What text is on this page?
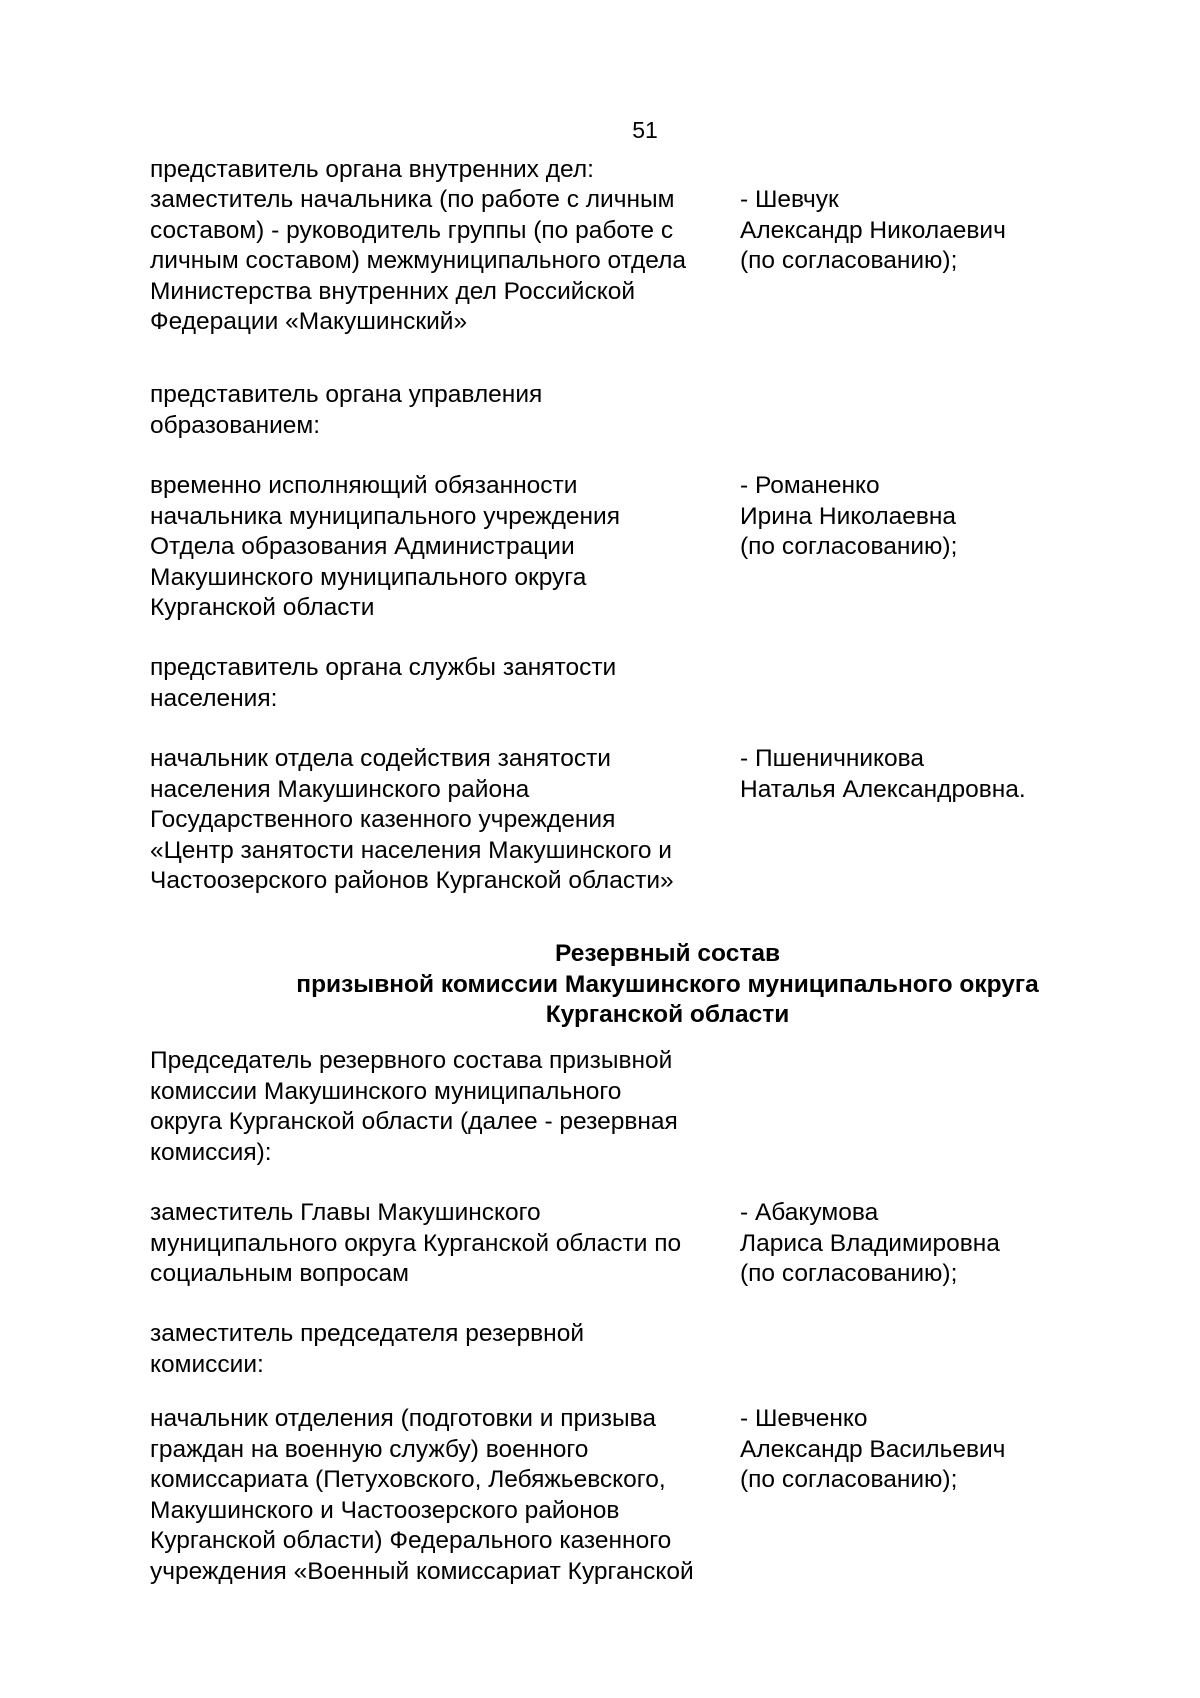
51
представитель органа внутренних дел:
заместитель начальника (по работе с личным
составом) - руководитель группы (по работе с
личным составом) межмуниципального отдела
Министерства внутренних дел Российской
Федерации «Макушинский»
- Шевчук
Александр Николаевич
(по согласованию);
представитель органа управления
образованием:
временно исполняющий обязанности
начальника муниципального учреждения
Отдела образования Администрации
Макушинского муниципального округа
Курганской области
- Романенко
Ирина Николаевна
(по согласованию);
представитель органа службы занятости
населения:
начальник отдела содействия занятости
населения Макушинского района
Государственного казенного учреждения
«Центр занятости населения Макушинского и
Частоозерского районов Курганской области»
- Пшеничникова
Наталья Александровна.
Резервный состав
призывной комиссии Макушинского муниципального округа
Курганской области
Председатель резервного состава призывной
комиссии Макушинского муниципального
округа Курганской области (далее - резервная
комиссия):
заместитель Главы Макушинского
муниципального округа Курганской области по
социальным вопросам
- Абакумова
Лариса Владимировна
(по согласованию);
заместитель председателя резервной
комиссии:
начальник отделения (подготовки и призыва
граждан на военную службу) военного
комиссариата (Петуховского, Лебяжьевского,
Макушинского и Частоозерского районов
Курганской области) Федерального казенного
учреждения «Военный комиссариат Курганской
- Шевченко
Александр Васильевич
(по согласованию);
